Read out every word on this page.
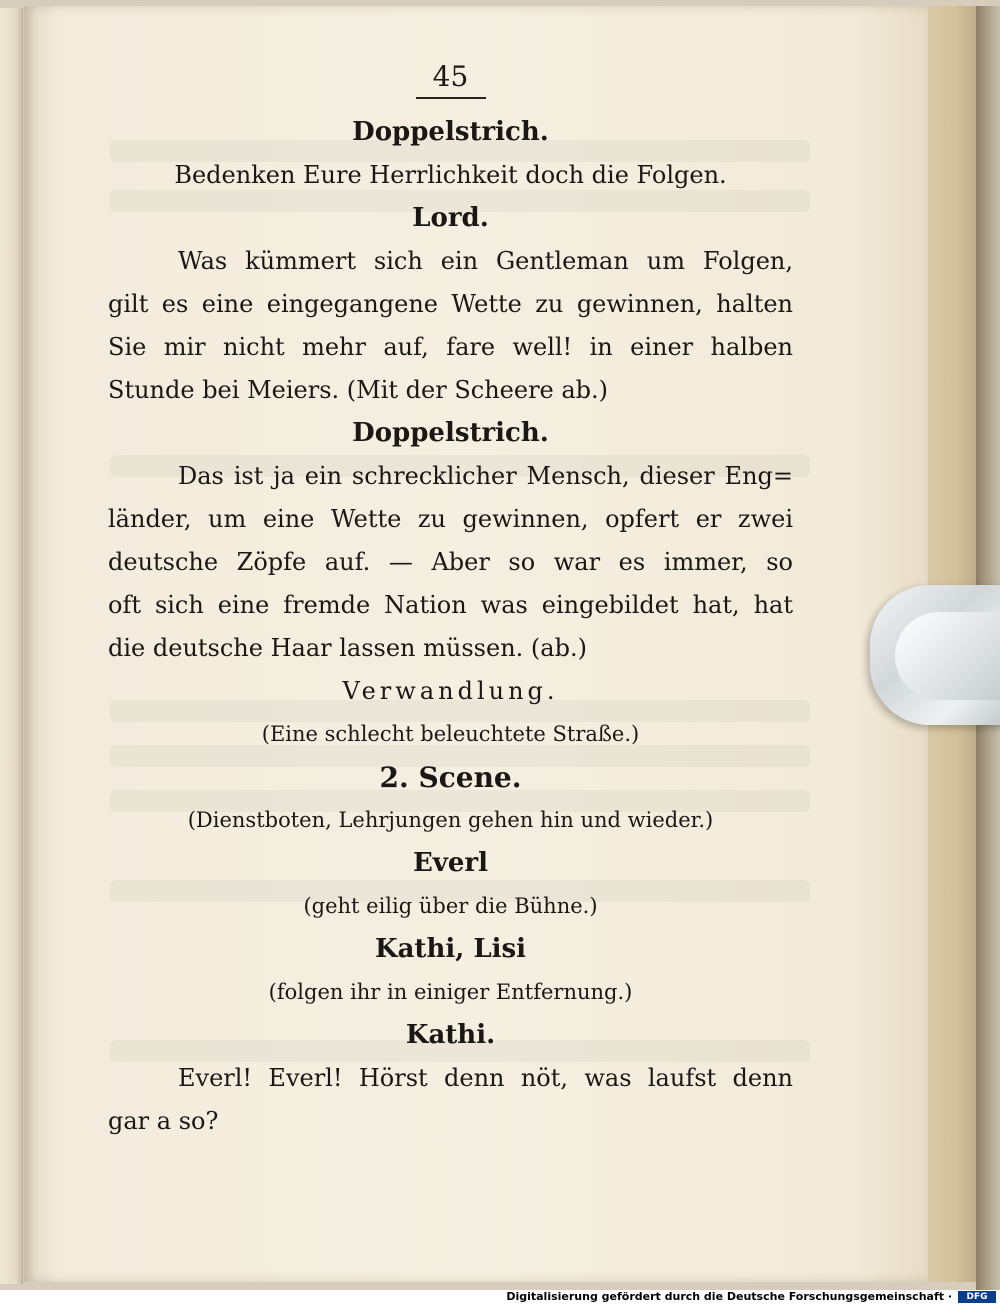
45
Doppelstrich.
Bedenken Eure Herrlichkeit doch die Folgen.
Lord.
Was kümmert sich ein Gentleman um Folgen,
gilt es eine eingegangene Wette zu gewinnen, halten
Sie mir nicht mehr auf, fare well! in einer halben
Stunde bei Meiers. (Mit der Scheere ab.)
Doppelstrich.
Das ist ja ein schrecklicher Mensch, dieser Eng=
länder, um eine Wette zu gewinnen, opfert er zwei
deutsche Zöpfe auf. — Aber so war es immer, so
oft sich eine fremde Nation was eingebildet hat, hat
die deutsche Haar lassen müssen. (ab.)
Verwandlung.
(Eine schlecht beleuchtete Straße.)
2. Scene.
(Dienstboten, Lehrjungen gehen hin und wieder.)
Everl
(geht eilig über die Bühne.)
Kathi, Lisi
(folgen ihr in einiger Entfernung.)
Kathi.
Everl! Everl! Hörst denn nöt, was laufst denn
gar a so?
Digitalisierung gefördert durch die Deutsche Forschungsgemeinschaft ·	DFG
